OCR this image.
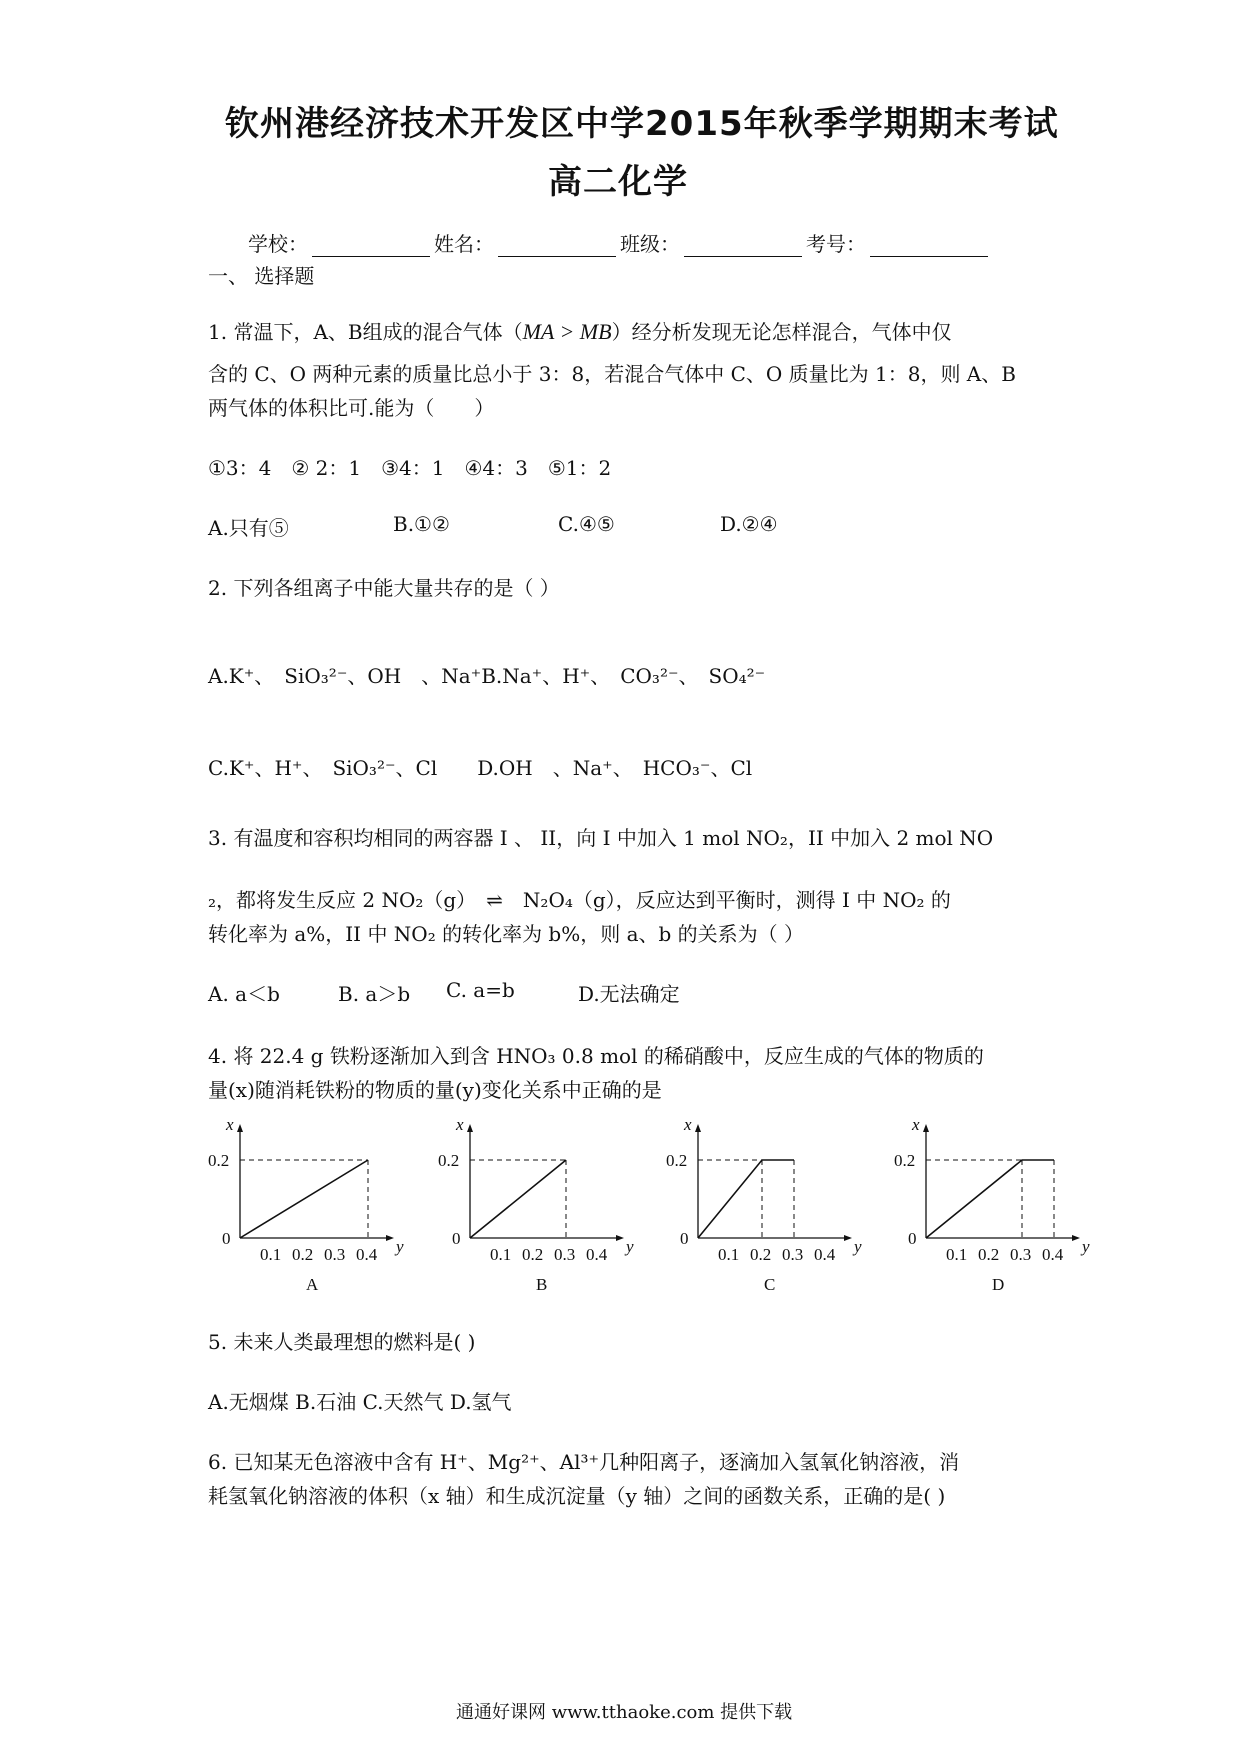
钦州港经济技术开发区中学2015年秋季学期期末考试
高二化学
学校：	姓名：	班级：	考号：
一、 选择题
1. 常温下，A、B组成的混合气体（MA > MB）经分析发现无论怎样混合，气体中仅
含的 C、O 两种元素的质量比总小于 3：8，若混合气体中 C、O 质量比为 1：8，则 A、B
两气体的体积比可.能为（　　）
①3：4　② 2：1　③4：1　④4：3　⑤1：2
A.只有⑤	B.①②	C.④⑤	D.②④
2. 下列各组离子中能大量共存的是（ ）
A.K⁺、　SiO₃²⁻、OH　、Na⁺B.Na⁺、H⁺、　CO₃²⁻、　SO₄²⁻
C.K⁺、H⁺、　SiO₃²⁻、Cl　　D.OH　、Na⁺、　HCO₃⁻、Cl
3. 有温度和容积均相同的两容器 I 、 II，向 I 中加入 1 mol NO₂，II 中加入 2 mol NO
₂，都将发生反应 2 NO₂（g）　⇌　N₂O₄（g），反应达到平衡时，测得 I 中 NO₂ 的
转化率为 a%，II 中 NO₂ 的转化率为 b%，则 a、b 的关系为（ ）
A. a＜b	B. a＞b C. a=b	D.无法确定
4. 将 22.4 g 铁粉逐渐加入到含 HNO₃ 0.8 mol 的稀硝酸中，反应生成的气体的物质的
量(x)随消耗铁粉的物质的量(y)变化关系中正确的是
x
y
0
0.2
0.1 0.2 0.3 0.4
A
x
y
0
0.2
0.1 0.2 0.3 0.4
B
x
y
0
0.2
0.1 0.2 0.3 0.4
C
x
y
0
0.2
0.1 0.2 0.3 0.4
D
5. 未来人类最理想的燃料是( )
A.无烟煤 B.石油 C.天然气 D.氢气
6. 已知某无色溶液中含有 H⁺、Mg²⁺、Al³⁺几种阳离子，逐滴加入氢氧化钠溶液，消
耗氢氧化钠溶液的体积（x 轴）和生成沉淀量（y 轴）之间的函数关系，正确的是( )
通通好课网 www.tthaoke.com 提供下载
